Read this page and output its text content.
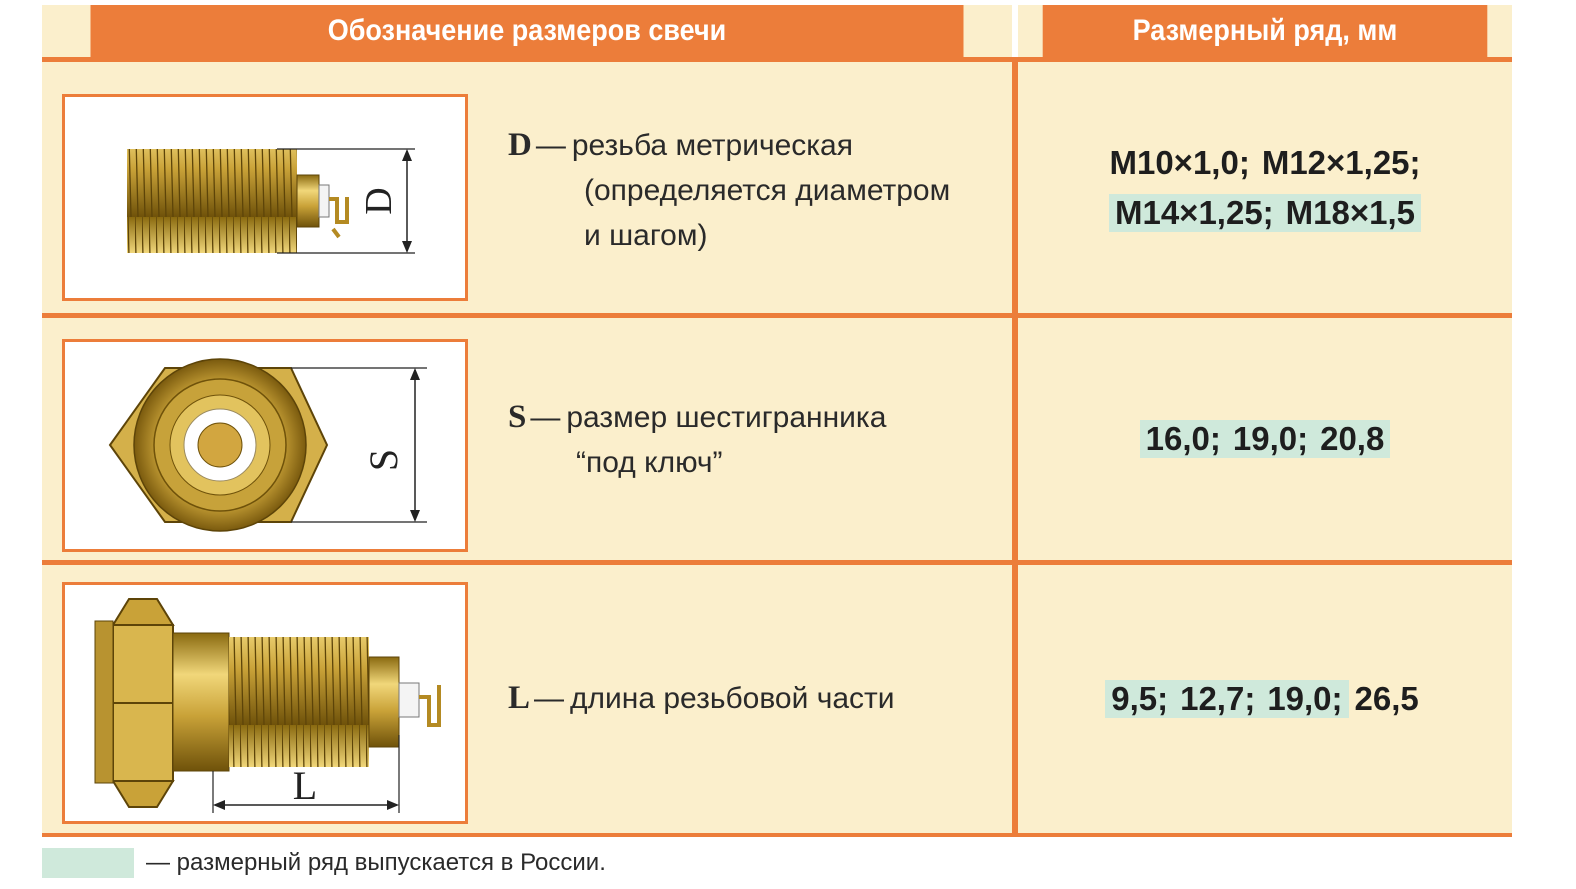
Обозначение размеров свечи	Размерный ряд, мм
D
D — резьба метрическая
(определяется диаметром
и шагом)
M10×1,0; M12×1,25;
M14×1,25; M18×1,5
S
S — размер шестигранника
“под ключ”
16,0; 19,0; 20,8
L
L — длина резьбовой части	9,5; 12,7; 19,0; 26,5
— размерный ряд выпускается в России.
